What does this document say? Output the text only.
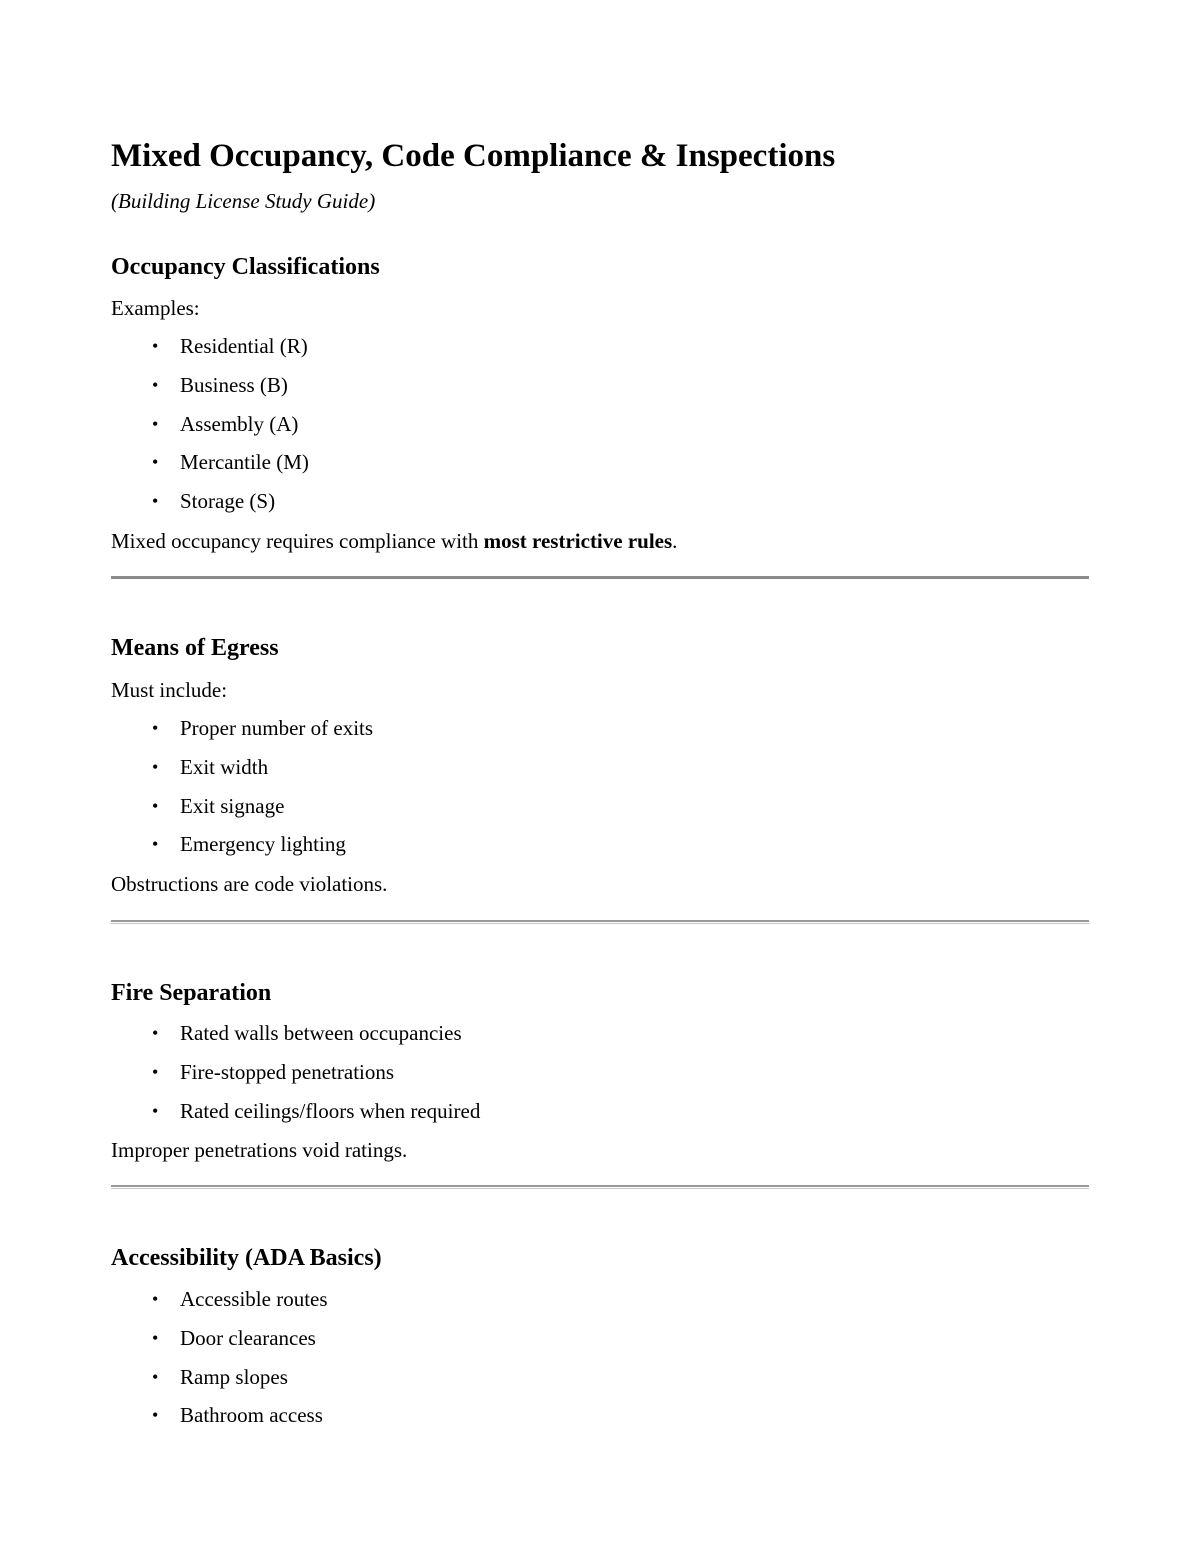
Mixed Occupancy, Code Compliance & Inspections

(Building License Study Guide)

Occupancy Classifications

Examples:

• Residential (R)
• Business (B)
• Assembly (A)
• Mercantile (M)
• Storage (S)

Mixed occupancy requires compliance with most restrictive rules.

Means of Egress

Must include:

• Proper number of exits
• Exit width
• Exit signage
• Emergency lighting

Obstructions are code violations.

Fire Separation
• Rated walls between occupancies
• Fire-stopped penetrations
• Rated ceilings/floors when required

Improper penetrations void ratings.

Accessibility (ADA Basics)
• Accessible routes
• Door clearances
• Ramp slopes
• Bathroom access
